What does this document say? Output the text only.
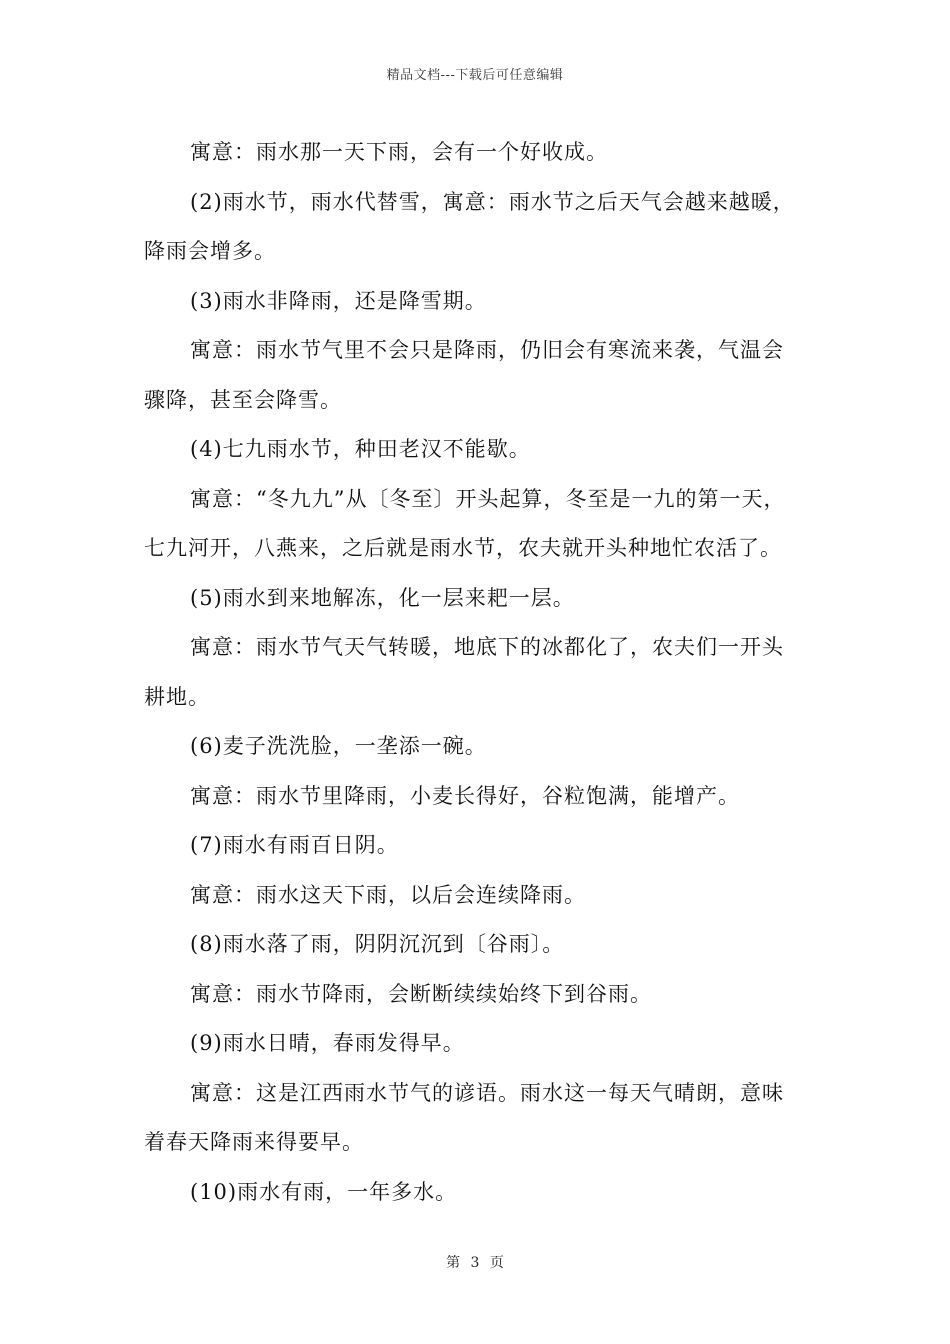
精品文档---下载后可任意编辑
寓意：雨水那一天下雨，会有一个好收成。
(2)雨水节，雨水代替雪，寓意：雨水节之后天气会越来越暖，
降雨会增多。
(3)雨水非降雨，还是降雪期。
寓意：雨水节气里不会只是降雨，仍旧会有寒流来袭，气温会
骤降，甚至会降雪。
(4)七九雨水节，种田老汉不能歇。
寓意：“冬九九”从〔冬至〕开头起算，冬至是一九的第一天，
七九河开，八燕来，之后就是雨水节，农夫就开头种地忙农活了。
(5)雨水到来地解冻，化一层来耙一层。
寓意：雨水节气天气转暖，地底下的冰都化了，农夫们一开头
耕地。
(6)麦子洗洗脸，一垄添一碗。
寓意：雨水节里降雨，小麦长得好，谷粒饱满，能增产。
(7)雨水有雨百日阴。
寓意：雨水这天下雨，以后会连续降雨。
(8)雨水落了雨，阴阴沉沉到〔谷雨〕。
寓意：雨水节降雨，会断断续续始终下到谷雨。
(9)雨水日晴，春雨发得早。
寓意：这是江西雨水节气的谚语。雨水这一每天气晴朗，意味
着春天降雨来得要早。
(10)雨水有雨，一年多水。
第 3 页
